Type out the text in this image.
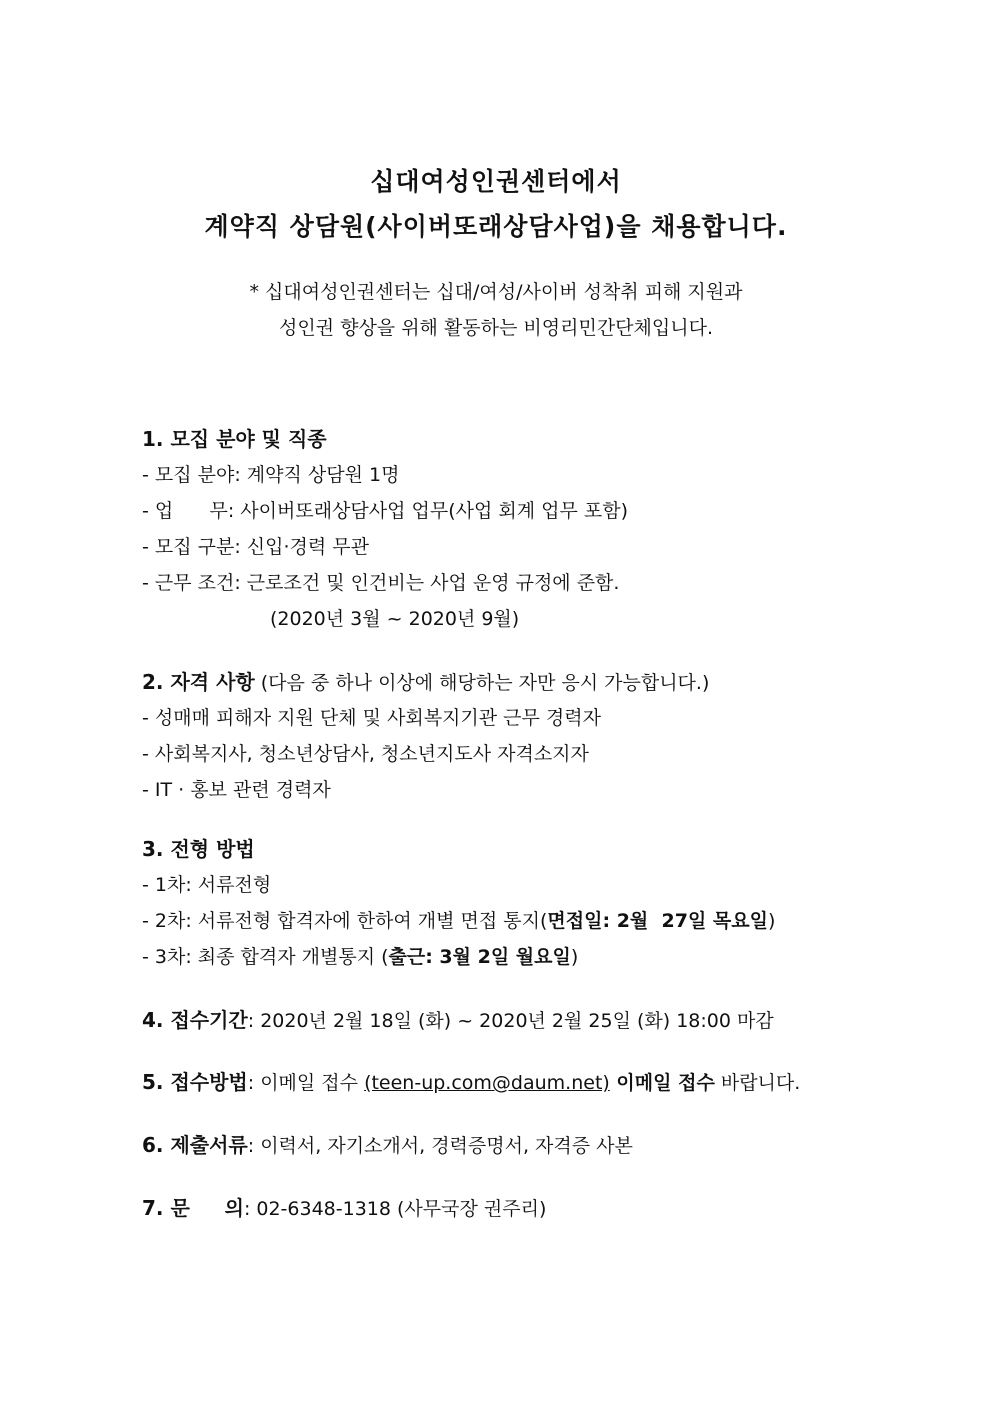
십대여성인권센터에서
계약직 상담원(사이버또래상담사업)을 채용합니다.
* 십대여성인권센터는 십대/여성/사이버 성착취 피해 지원과
성인권 향상을 위해 활동하는 비영리민간단체입니다.
1. 모집 분야 및 직종
- 모집 분야: 계약직 상담원 1명
- 업      무: 사이버또래상담사업 업무(사업 회계 업무 포함)
- 모집 구분: 신입·경력 무관
- 근무 조건: 근로조건 및 인건비는 사업 운영 규정에 준함.
(2020년 3월 ~ 2020년 9월)
2. 자격 사항 (다음 중 하나 이상에 해당하는 자만 응시 가능합니다.)
- 성매매 피해자 지원 단체 및 사회복지기관 근무 경력자
- 사회복지사, 청소년상담사, 청소년지도사 자격소지자
- IT · 홍보 관련 경력자
3. 전형 방법
- 1차: 서류전형
- 2차: 서류전형 합격자에 한하여 개별 면접 통지(면접일: 2월  27일 목요일)
- 3차: 최종 합격자 개별통지 (출근: 3월 2일 월요일)
4. 접수기간: 2020년 2월 18일 (화) ~ 2020년 2월 25일 (화) 18:00 마감
5. 접수방법: 이메일 접수 (teen-up.com@daum.net) 이메일 접수 바랍니다.
6. 제출서류: 이력서, 자기소개서, 경력증명서, 자격증 사본
7. 문     의: 02-6348-1318 (사무국장 권주리)
